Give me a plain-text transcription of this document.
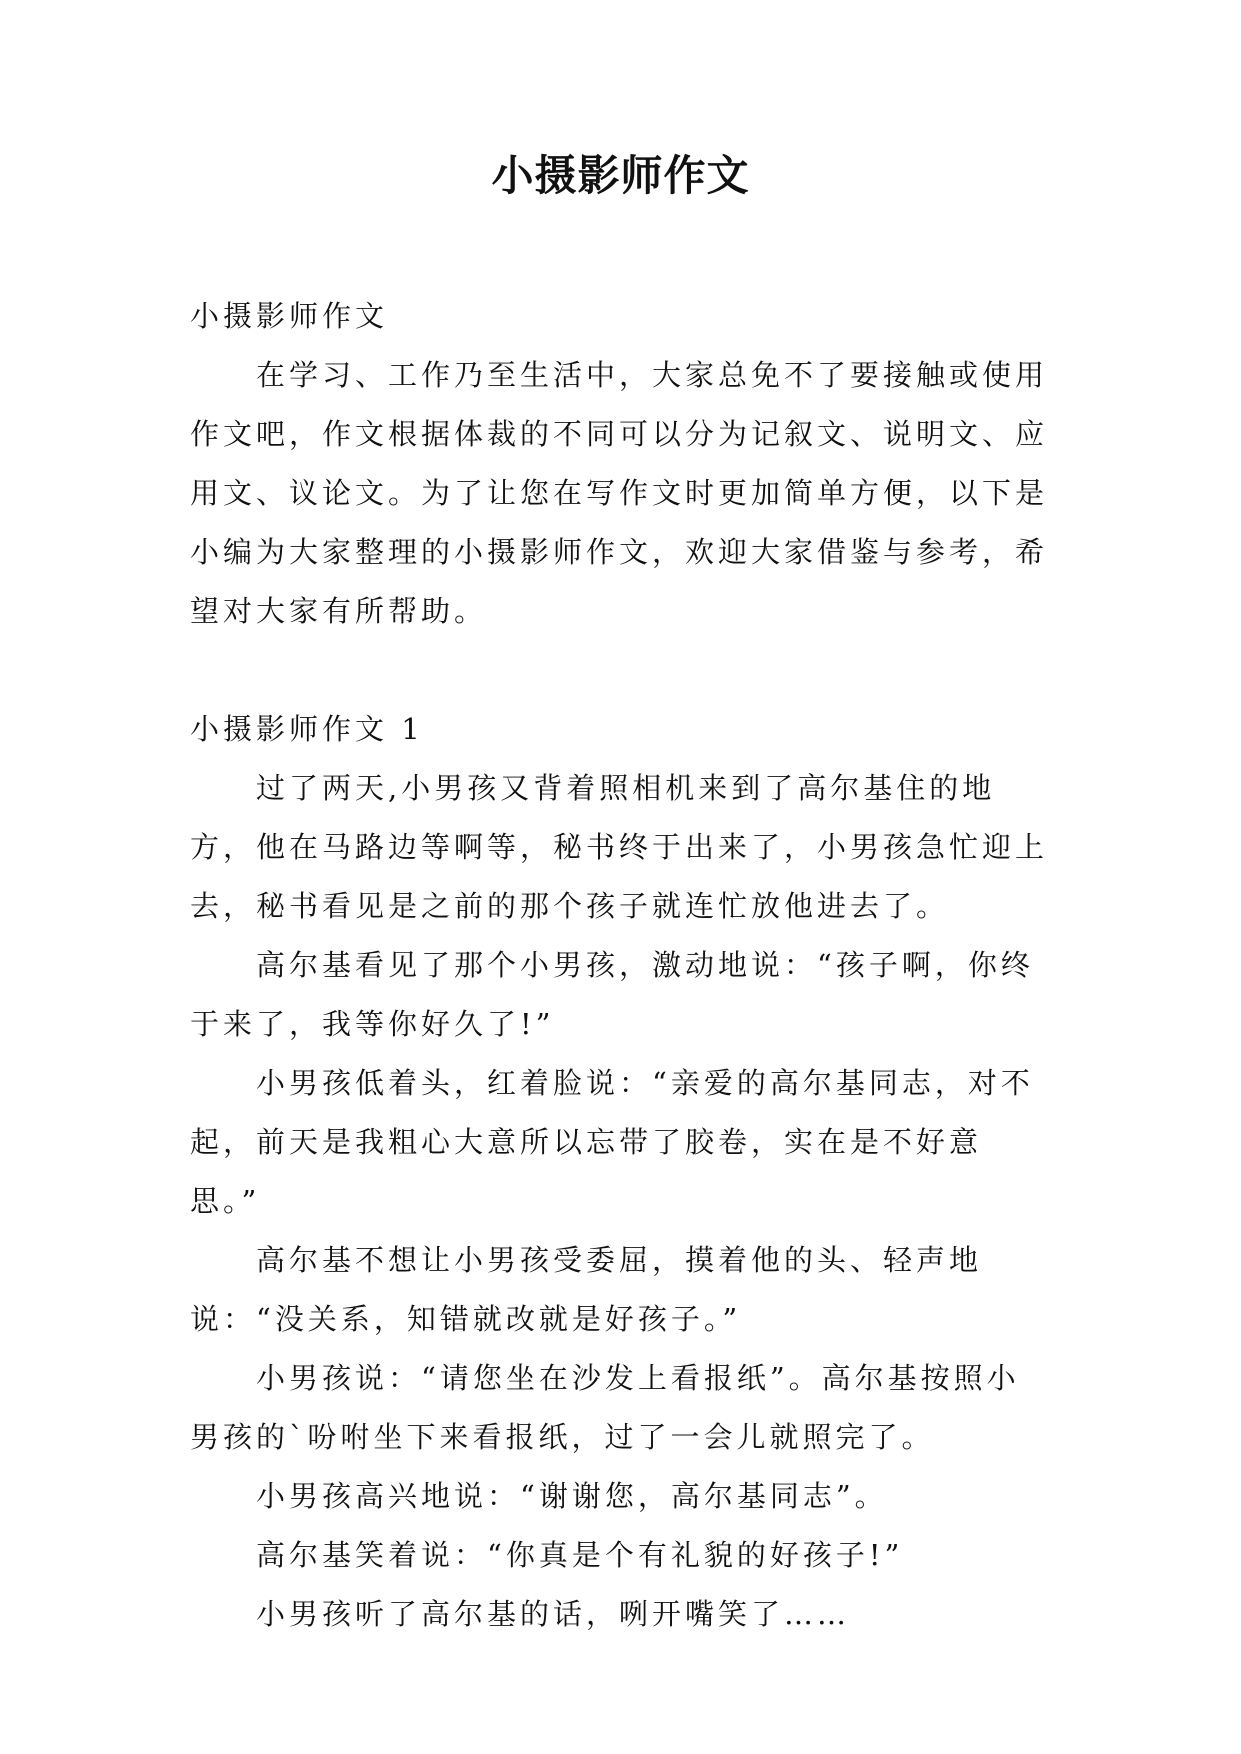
小摄影师作文

小摄影师作文

在学习、工作乃至生活中，大家总免不了要接触或使用作文吧，作文根据体裁的不同可以分为记叙文、说明文、应用文、议论文。为了让您在写作文时更加简单方便，以下是小编为大家整理的小摄影师作文，欢迎大家借鉴与参考，希望对大家有所帮助。

小摄影师作文 1

过了两天,小男孩又背着照相机来到了高尔基住的地方，他在马路边等啊等，秘书终于出来了，小男孩急忙迎上去，秘书看见是之前的那个孩子就连忙放他进去了。

高尔基看见了那个小男孩，激动地说：“孩子啊，你终于来了，我等你好久了!”

小男孩低着头，红着脸说：“亲爱的高尔基同志，对不起，前天是我粗心大意所以忘带了胶卷，实在是不好意思。”

高尔基不想让小男孩受委屈，摸着他的头、轻声地说：“没关系，知错就改就是好孩子。”

小男孩说：“请您坐在沙发上看报纸”。高尔基按照小男孩的`吩咐坐下来看报纸，过了一会儿就照完了。

小男孩高兴地说：“谢谢您，高尔基同志”。

高尔基笑着说：“你真是个有礼貌的好孩子!”

小男孩听了高尔基的话，咧开嘴笑了……
